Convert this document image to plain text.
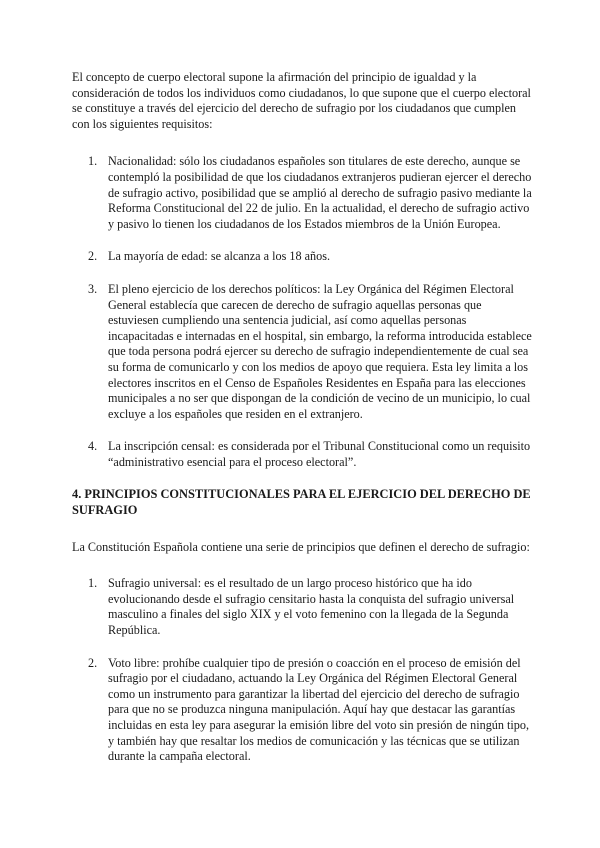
El concepto de cuerpo electoral supone la afirmación del principio de igualdad y la consideración de todos los individuos como ciudadanos, lo que supone que el cuerpo electoral se constituye a través del ejercicio del derecho de sufragio por los ciudadanos que cumplen con los siguientes requisitos:

1. Nacionalidad: sólo los ciudadanos españoles son titulares de este derecho, aunque se contempló la posibilidad de que los ciudadanos extranjeros pudieran ejercer el derecho de sufragio activo, posibilidad que se amplió al derecho de sufragio pasivo mediante la Reforma Constitucional del 22 de julio. En la actualidad, el derecho de sufragio activo y pasivo lo tienen los ciudadanos de los Estados miembros de la Unión Europea.
2. La mayoría de edad: se alcanza a los 18 años.
3. El pleno ejercicio de los derechos políticos: la Ley Orgánica del Régimen Electoral General establecía que carecen de derecho de sufragio aquellas personas que estuviesen cumpliendo una sentencia judicial, así como aquellas personas incapacitadas e internadas en el hospital, sin embargo, la reforma introducida establece que toda persona podrá ejercer su derecho de sufragio independientemente de cual sea su forma de comunicarlo y con los medios de apoyo que requiera. Esta ley limita a los electores inscritos en el Censo de Españoles Residentes en España para las elecciones municipales a no ser que dispongan de la condición de vecino de un municipio, lo cual excluye a los españoles que residen en el extranjero.
4. La inscripción censal: es considerada por el Tribunal Constitucional como un requisito “administrativo esencial para el proceso electoral”.

4. PRINCIPIOS CONSTITUCIONALES PARA EL EJERCICIO DEL DERECHO DE SUFRAGIO

La Constitución Española contiene una serie de principios que definen el derecho de sufragio:

1. Sufragio universal: es el resultado de un largo proceso histórico que ha ido evolucionando desde el sufragio censitario hasta la conquista del sufragio universal masculino a finales del siglo XIX y el voto femenino con la llegada de la Segunda República.
2. Voto libre: prohíbe cualquier tipo de presión o coacción en el proceso de emisión del sufragio por el ciudadano, actuando la Ley Orgánica del Régimen Electoral General como un instrumento para garantizar la libertad del ejercicio del derecho de sufragio para que no se produzca ninguna manipulación. Aquí hay que destacar las garantías incluidas en esta ley para asegurar la emisión libre del voto sin presión de ningún tipo, y también hay que resaltar los medios de comunicación y las técnicas que se utilizan durante la campaña electoral.
